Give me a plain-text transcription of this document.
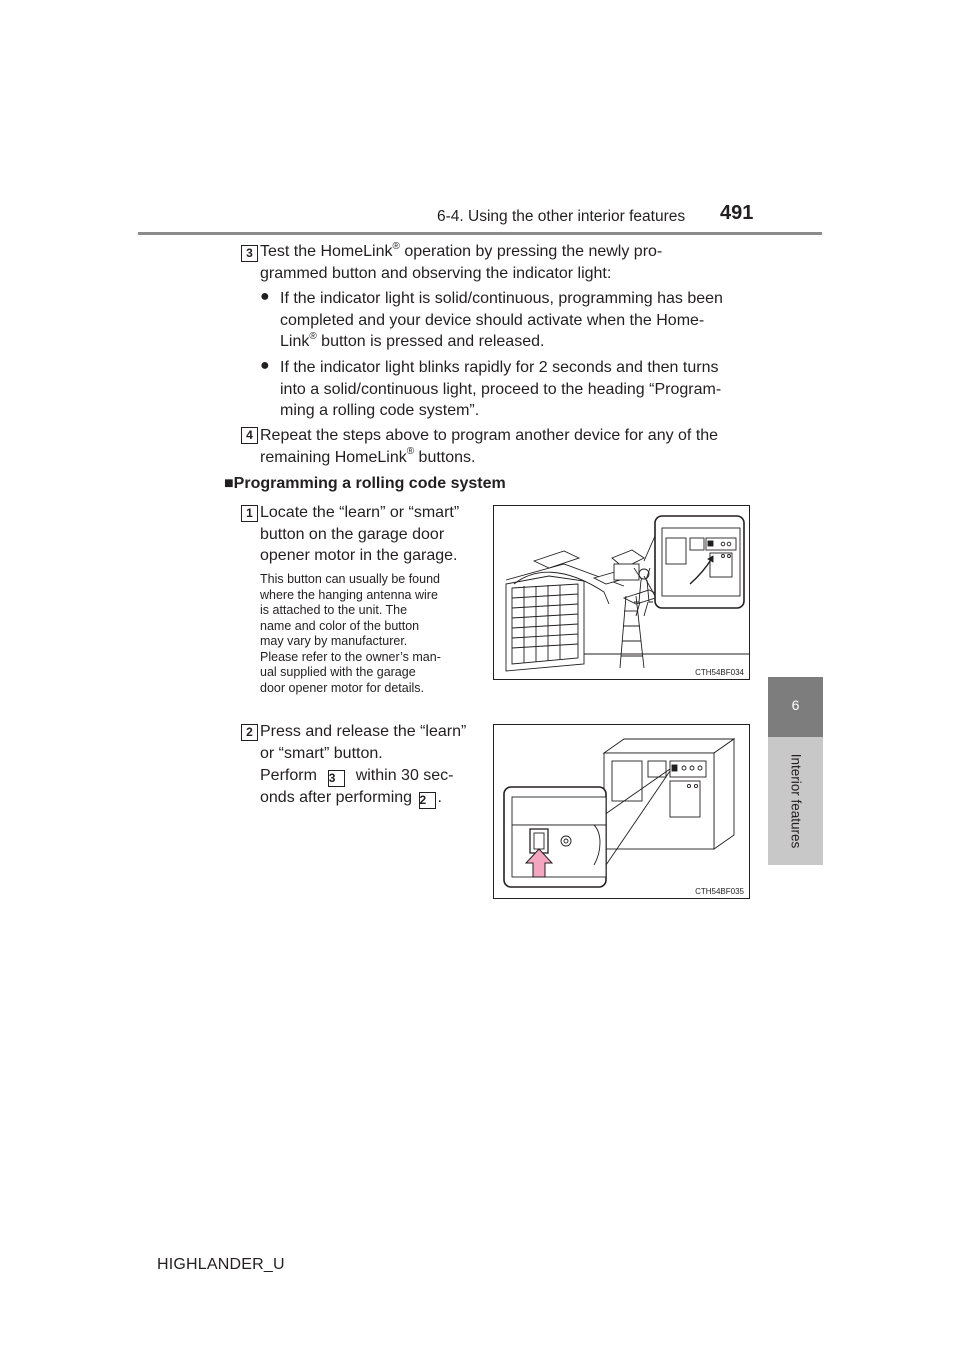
6-4. Using the other interior features 491
6
Interior features
3 Test the HomeLink® operation by pressing the newly pro-
grammed button and observing the indicator light:
● If the indicator light is solid/continuous, programming has been
completed and your device should activate when the Home-
Link® button is pressed and released.
● If the indicator light blinks rapidly for 2 seconds and then turns
into a solid/continuous light, proceed to the heading “Program-
ming a rolling code system”.
4 Repeat the steps above to program another device for any of the
remaining HomeLink® buttons.
■Programming a rolling code system
1 Locate the “learn” or “smart”
button on the garage door
opener motor in the garage.
This button can usually be found
where the hanging antenna wire
is attached to the unit. The
name and color of the button
may vary by manufacturer.
Please refer to the owner’s man-
ual supplied with the garage
door opener motor for details.
CTH54BF034
2 Press and release the “learn”
or “smart” button.
Perform 3 within 30 sec-
onds after performing 2 .
CTH54BF035
HIGHLANDER_U
